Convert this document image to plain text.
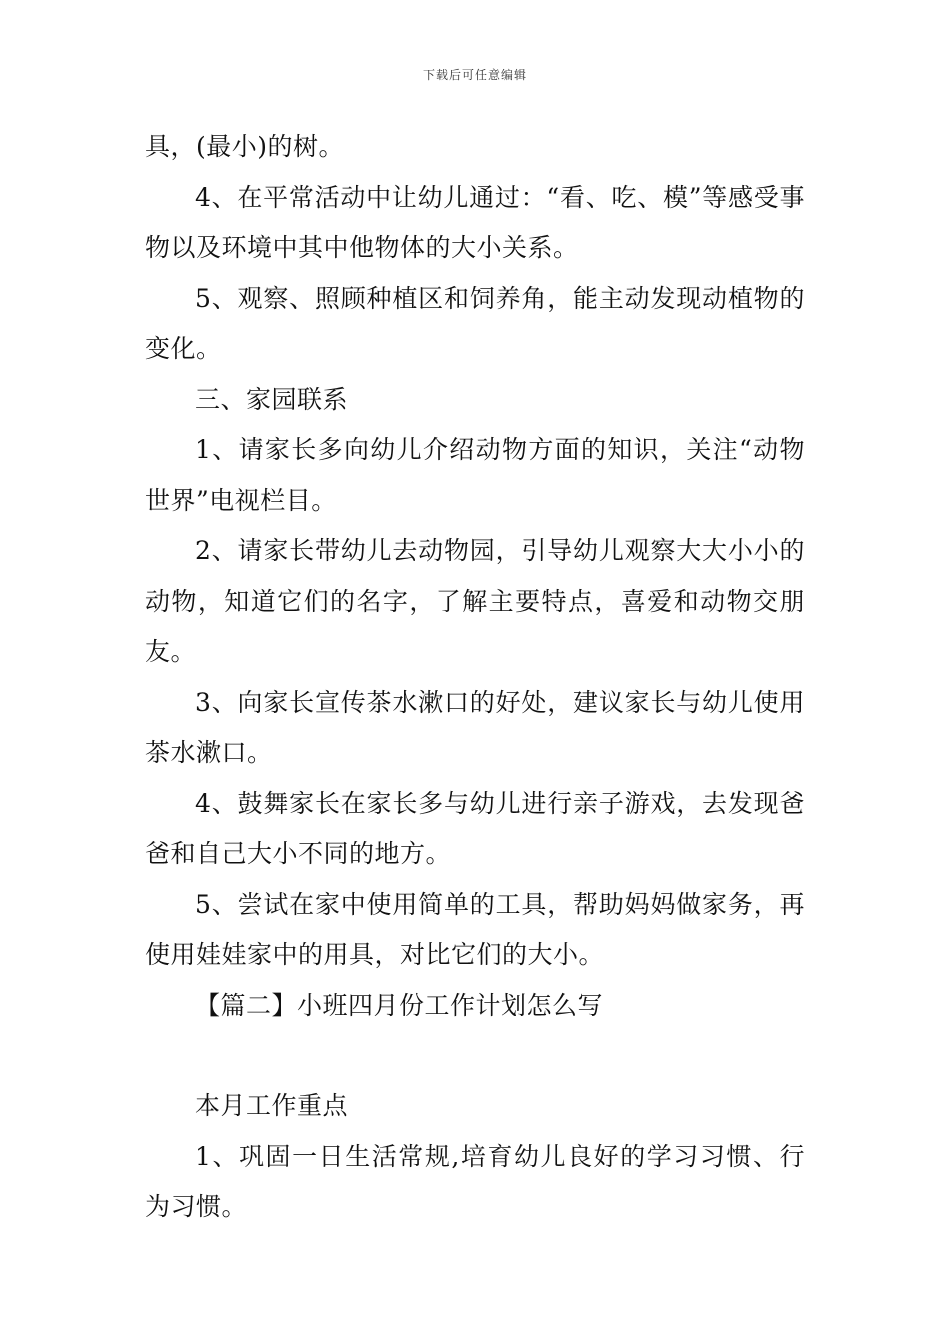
下载后可任意编辑

具，(最小)的树。

4、在平常活动中让幼儿通过：“看、吃、模”等感受事物以及环境中其中他物体的大小关系。

5、观察、照顾种植区和饲养角，能主动发现动植物的变化。

三、家园联系

1、请家长多向幼儿介绍动物方面的知识，关注“动物世界”电视栏目。

2、请家长带幼儿去动物园，引导幼儿观察大大小小的动物，知道它们的名字，了解主要特点，喜爱和动物交朋友。

3、向家长宣传茶水漱口的好处，建议家长与幼儿使用茶水漱口。

4、鼓舞家长在家长多与幼儿进行亲子游戏，去发现爸爸和自己大小不同的地方。

5、尝试在家中使用简单的工具，帮助妈妈做家务，再使用娃娃家中的用具，对比它们的大小。

【篇二】小班四月份工作计划怎么写

本月工作重点

1、巩固一日生活常规,培育幼儿良好的学习习惯、行为习惯。
